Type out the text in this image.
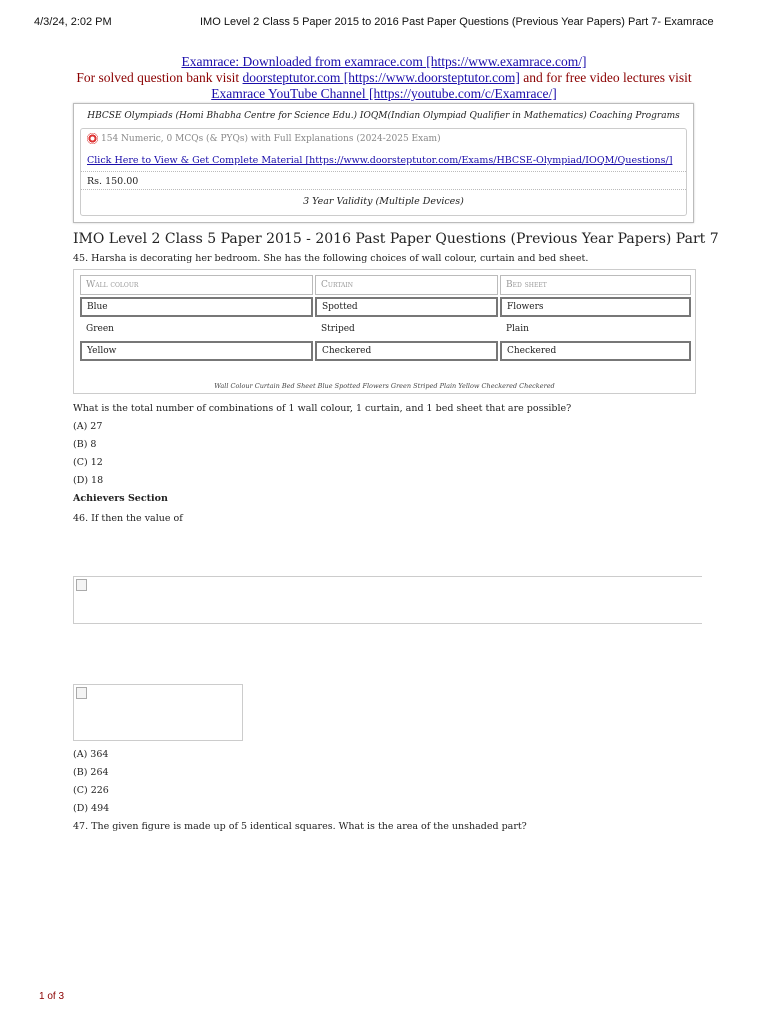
4/3/24, 2:02 PM	IMO Level 2 Class 5 Paper 2015 to 2016 Past Paper Questions (Previous Year Papers) Part 7- Examrace
Examrace: Downloaded from examrace.com [https://www.examrace.com/]
For solved question bank visit doorsteptutor.com [https://www.doorsteptutor.com] and for free video lectures visit
Examrace YouTube Channel [https://youtube.com/c/Examrace/]
HBCSE Olympiads (Homi Bhabha Centre for Science Edu.) IOQM(Indian Olympiad Qualifier in Mathematics) Coaching Programs
154 Numeric, 0 MCQs (& PYQs) with Full Explanations (2024-2025 Exam)
Click Here to View & Get Complete Material [https://www.doorsteptutor.com/Exams/HBCSE-Olympiad/IOQM/Questions/]
Rs. 150.00
3 Year Validity (Multiple Devices)
IMO Level 2 Class 5 Paper 2015 - 2016 Past Paper Questions (Previous Year Papers) Part 7
45. Harsha is decorating her bedroom. She has the following choices of wall colour, curtain and bed sheet.
Wall colour	Curtain	Bed sheet
Blue	Spotted	Flowers
Green	Striped	Plain
Yellow	Checkered	Checkered
Wall Colour Curtain Bed Sheet Blue Spotted Flowers Green Striped Plain Yellow Checkered Checkered
What is the total number of combinations of 1 wall colour, 1 curtain, and 1 bed sheet that are possible?
(A) 27
(B) 8
(C) 12
(D) 18
Achievers Section
46. If then the value of
(A) 364
(B) 264
(C) 226
(D) 494
47. The given figure is made up of 5 identical squares. What is the area of the unshaded part?
1 of 3
